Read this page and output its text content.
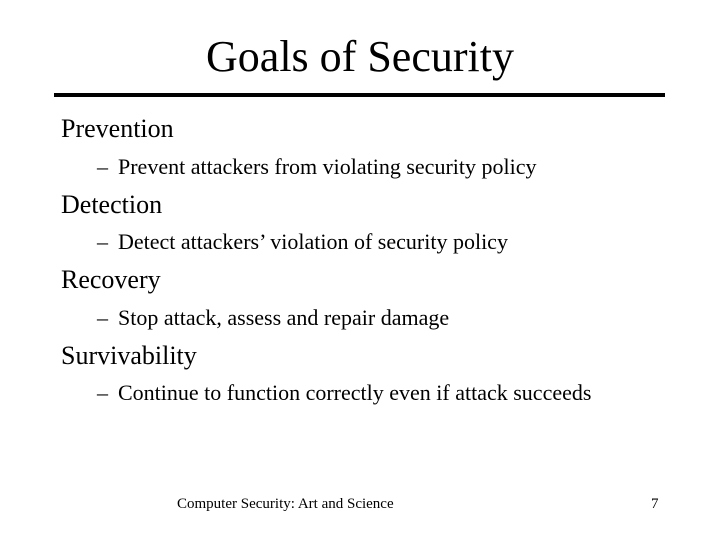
Goals of Security
Prevention
– Prevent attackers from violating security policy
Detection
– Detect attackers’ violation of security policy
Recovery
– Stop attack, assess and repair damage
Survivability
– Continue to function correctly even if attack succeeds
Computer Security: Art and Science	7
